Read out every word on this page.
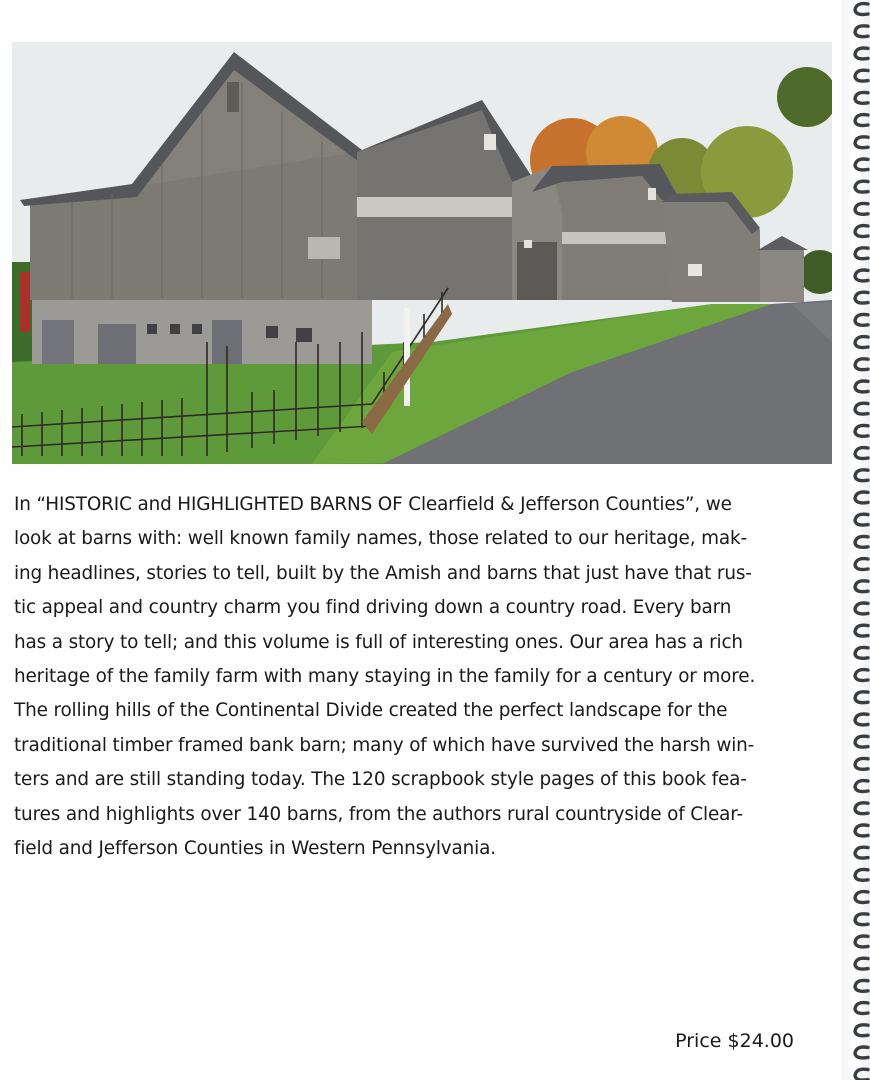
In “HISTORIC and HIGHLIGHTED BARNS OF Clearfield & Jefferson Counties”, we
look at barns with: well known family names, those related to our heritage, mak-
ing headlines, stories to tell, built by the Amish and barns that just have that rus-
tic appeal and country charm you find driving down a country road. Every barn
has a story to tell; and this volume is full of interesting ones. Our area has a rich
heritage of the family farm with many staying in the family for a century or more.
The rolling hills of the Continental Divide created the perfect landscape for the
traditional timber framed bank barn; many of which have survived the harsh win-
ters and are still standing today. The 120 scrapbook style pages of this book fea-
tures and highlights over 140 barns, from the authors rural countryside of Clear-
field and Jefferson Counties in Western Pennsylvania.

Price $24.00
